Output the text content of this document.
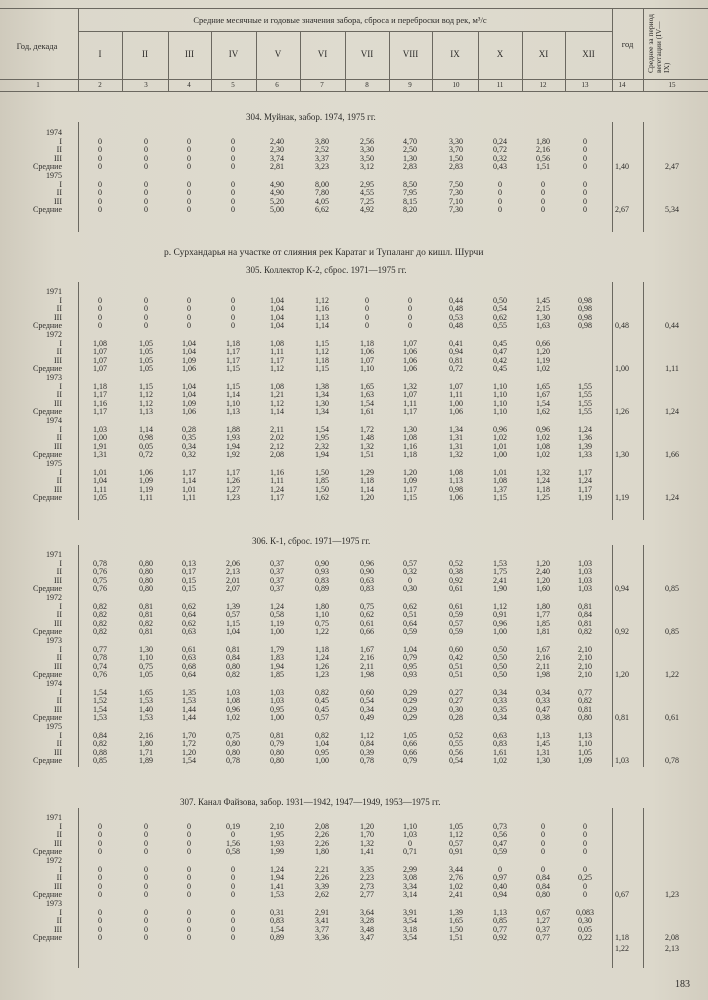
Год, декада
Средние месячные и годовые значения забора, сброса и переброски вод рек, м³/с
I	II	III	IV	V	VI	VII	VIII	IX	X	XI	XII
год	Среднее за период вегетации (IV—IX)
1	2	3	4	5	6	7	8	9	10	11	12	13	14	15
р. Сурхандарья на участке от слияния рек Каратаг и Тупаланг до кишл. Шурчи
304. Муйнак, забор. 1974, 1975 гг.
1974
I	0	0	0	0	2,40	3,80	2,56	4,70	3,30	0,24	1,80	0
II	0	0	0	0	2,30	2,52	3,30	2,50	3,70	0,72	2,16	0
III	0	0	0	0	3,74	3,37	3,50	1,30	1,50	0,32	0,56	0
Средние	0	0	0	0	2,81	3,23	3,12	2,83	2,83	0,43	1,51	0	1,40	2,47
1975
I	0	0	0	0	4,90	8,00	2,95	8,50	7,50	0	0	0
II	0	0	0	0	4,90	7,80	4,55	7,95	7,30	0	0	0
III	0	0	0	0	5,20	4,05	7,25	8,15	7,10	0	0	0
Средние	0	0	0	0	5,00	6,62	4,92	8,20	7,30	0	0	0	2,67	5,34
305. Коллектор К-2, сброс. 1971—1975 гг.
1971
I	0	0	0	0	1,04	1,12	0	0	0,44	0,50	1,45	0,98
II	0	0	0	0	1,04	1,16	0	0	0,48	0,54	2,15	0,98
III	0	0	0	0	1,04	1,13	0	0	0,53	0,62	1,30	0,98
Средние	0	0	0	0	1,04	1,14	0	0	0,48	0,55	1,63	0,98	0,48	0,44
1972
I	1,08	1,05	1,04	1,18	1,08	1,15	1,18	1,07	0,41	0,45	0,66
II	1,07	1,05	1,04	1,17	1,11	1,12	1,06	1,06	0,94	0,47	1,20
III	1,07	1,05	1,09	1,17	1,17	1,18	1,07	1,06	0,81	0,42	1,19
Средние	1,07	1,05	1,06	1,15	1,12	1,15	1,10	1,06	0,72	0,45	1,02	1,00	1,11
1973
I	1,18	1,15	1,04	1,15	1,08	1,38	1,65	1,32	1,07	1,10	1,65	1,55
II	1,17	1,12	1,04	1,14	1,21	1,34	1,63	1,07	1,11	1,10	1,67	1,55
III	1,16	1,12	1,09	1,10	1,12	1,30	1,54	1,11	1,00	1,10	1,54	1,55
Средние	1,17	1,13	1,06	1,13	1,14	1,34	1,61	1,17	1,06	1,10	1,62	1,55	1,26	1,24
1974
I	1,03	1,14	0,28	1,88	2,11	1,54	1,72	1,30	1,34	0,96	0,96	1,24
II	1,00	0,98	0,35	1,93	2,02	1,95	1,48	1,08	1,31	1,02	1,02	1,36
III	1,91	0,05	0,34	1,94	2,12	2,32	1,32	1,16	1,31	1,01	1,08	1,39
Средние	1,31	0,72	0,32	1,92	2,08	1,94	1,51	1,18	1,32	1,00	1,02	1,33	1,30	1,66
1975
I	1,01	1,06	1,17	1,17	1,16	1,50	1,29	1,20	1,08	1,01	1,32	1,17
II	1,04	1,09	1,14	1,26	1,11	1,85	1,18	1,09	1,13	1,08	1,24	1,24
III	1,11	1,19	1,01	1,27	1,24	1,50	1,14	1,17	0,98	1,37	1,18	1,17
Средние	1,05	1,11	1,11	1,23	1,17	1,62	1,20	1,15	1,06	1,15	1,25	1,19	1,19	1,24
306. К-1, сброс. 1971—1975 гг.
1971
I	0,78	0,80	0,13	2,06	0,37	0,90	0,96	0,57	0,52	1,53	1,20	1,03
II	0,76	0,80	0,17	2,13	0,37	0,93	0,90	0,32	0,38	1,75	2,40	1,03
III	0,75	0,80	0,15	2,01	0,37	0,83	0,63	0	0,92	2,41	1,20	1,03
Средние	0,76	0,80	0,15	2,07	0,37	0,89	0,83	0,30	0,61	1,90	1,60	1,03	0,94	0,85
1972
I	0,82	0,81	0,62	1,39	1,24	1,80	0,75	0,62	0,61	1,12	1,80	0,81
II	0,82	0,81	0,64	0,57	0,58	1,10	0,62	0,51	0,59	0,91	1,77	0,84
III	0,82	0,82	0,62	1,15	1,19	0,75	0,61	0,64	0,57	0,96	1,85	0,81
Средние	0,82	0,81	0,63	1,04	1,00	1,22	0,66	0,59	0,59	1,00	1,81	0,82	0,92	0,85
1973
I	0,77	1,30	0,61	0,81	1,79	1,18	1,67	1,04	0,60	0,50	1,67	2,10
II	0,78	1,10	0,63	0,84	1,83	1,24	2,16	0,79	0,42	0,50	2,16	2,10
III	0,74	0,75	0,68	0,80	1,94	1,26	2,11	0,95	0,51	0,50	2,11	2,10
Средние	0,76	1,05	0,64	0,82	1,85	1,23	1,98	0,93	0,51	0,50	1,98	2,10	1,20	1,22
1974
I	1,54	1,65	1,35	1,03	1,03	0,82	0,60	0,29	0,27	0,34	0,34	0,77
II	1,52	1,53	1,53	1,08	1,03	0,45	0,54	0,29	0,27	0,33	0,33	0,82
III	1,54	1,40	1,44	0,96	0,95	0,45	0,34	0,29	0,30	0,35	0,47	0,81
Средние	1,53	1,53	1,44	1,02	1,00	0,57	0,49	0,29	0,28	0,34	0,38	0,80	0,81	0,61
1975
I	0,84	2,16	1,70	0,75	0,81	0,82	1,12	1,05	0,52	0,63	1,13	1,13
II	0,82	1,80	1,72	0,80	0,79	1,04	0,84	0,66	0,55	0,83	1,45	1,10
III	0,88	1,71	1,20	0,80	0,80	0,95	0,39	0,66	0,56	1,61	1,31	1,05
Средние	0,85	1,89	1,54	0,78	0,80	1,00	0,78	0,79	0,54	1,02	1,30	1,09	1,03	0,78
307. Канал Файзова, забор. 1931—1942, 1947—1949, 1953—1975 гг.
1971
I	0	0	0	0,19	2,10	2,08	1,20	1,10	1,05	0,73	0	0
II	0	0	0	0	1,95	2,26	1,70	1,03	1,12	0,56	0	0
III	0	0	0	1,56	1,93	2,26	1,32	0	0,57	0,47	0	0
Средние	0	0	0	0,58	1,99	1,80	1,41	0,71	0,91	0,59	0	0
1972
I	0	0	0	0	1,24	2,21	3,35	2,99	3,44	0	0	0
II	0	0	0	0	1,94	2,26	2,23	3,08	2,76	0,97	0,84	0,25
III	0	0	0	0	1,41	3,39	2,73	3,34	1,02	0,40	0,84	0
Средние	0	0	0	0	1,53	2,62	2,77	3,14	2,41	0,94	0,80	0	0,67	1,23
1973
I	0	0	0	0	0,31	2,91	3,64	3,91	1,39	1,13	0,67	0,083
II	0	0	0	0	0,83	3,41	3,28	3,54	1,65	0,85	1,27	0,30
III	0	0	0	0	1,54	3,77	3,48	3,18	1,50	0,77	0,37	0,05
Средние	0	0	0	0	0,89	3,36	3,47	3,54	1,51	0,92	0,77	0,22	1,18	2,08
1,22	2,13
183
